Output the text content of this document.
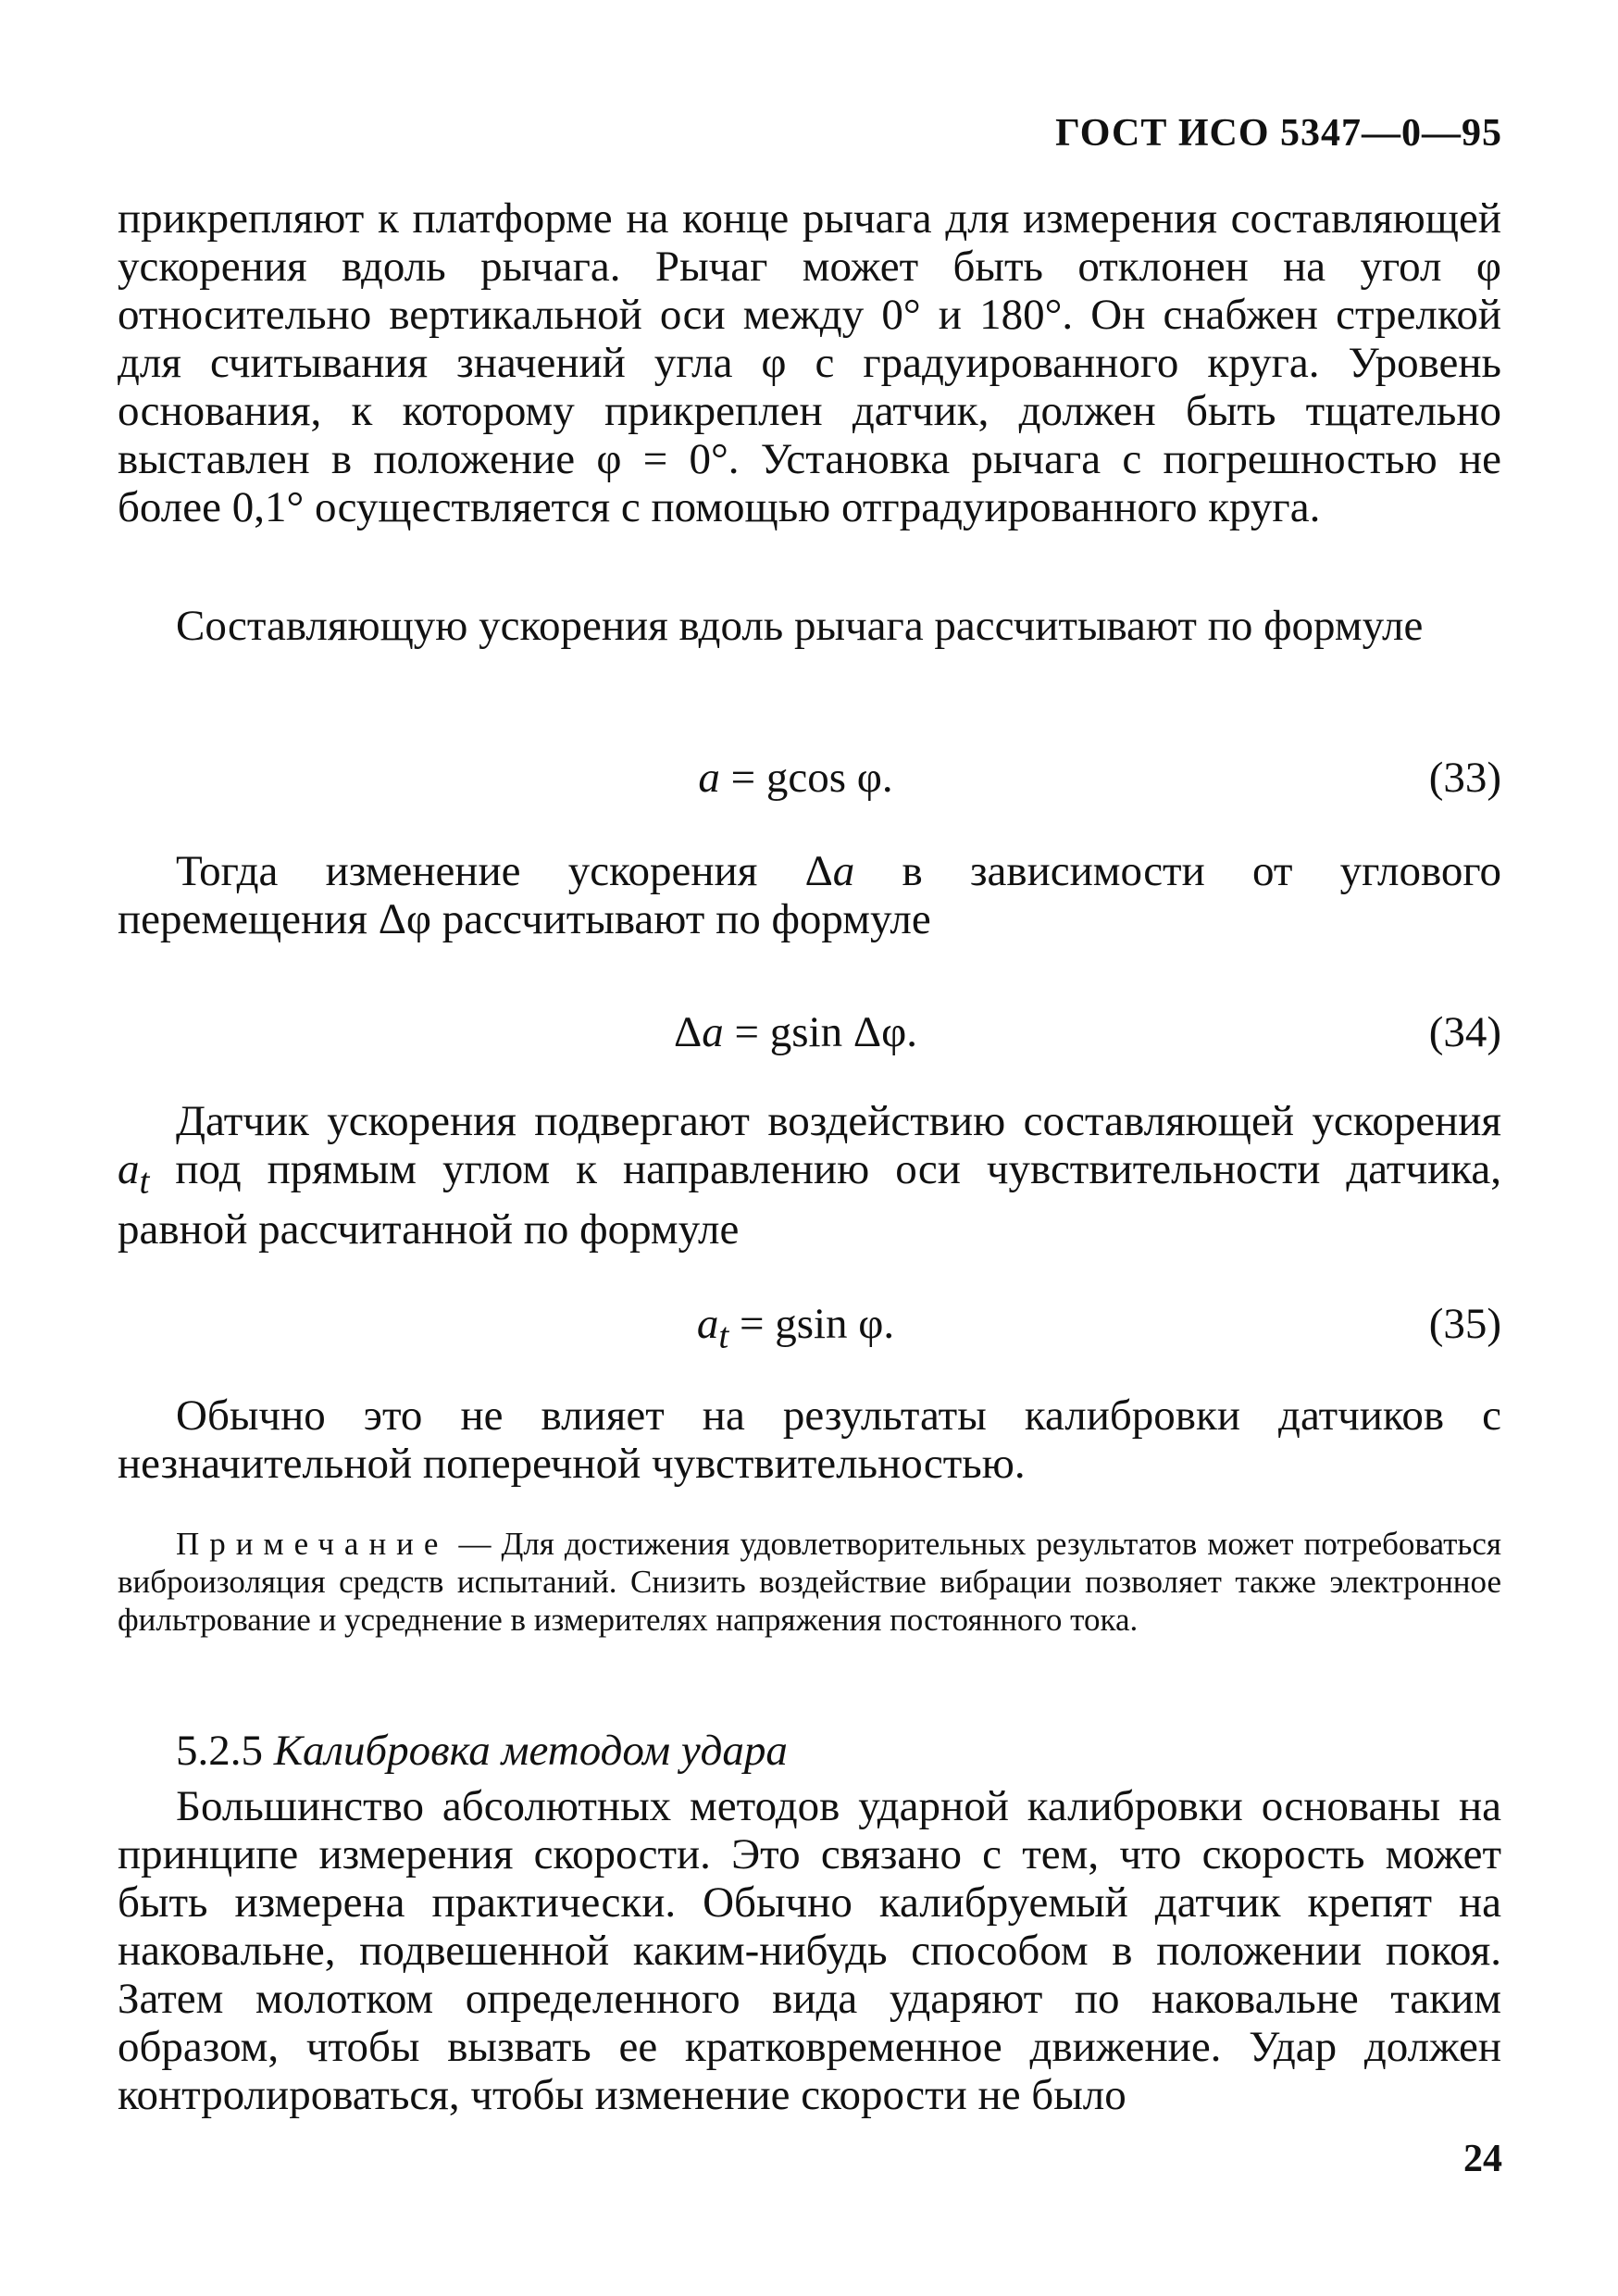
ГОСТ ИСО 5347—0—95

прикрепляют к платформе на конце рычага для измерения составляющей ускорения вдоль рычага. Рычаг может быть отклонен на угол φ относительно вертикальной оси между 0° и 180°. Он снабжен стрелкой для считывания значений угла φ с градуированного круга. Уровень основания, к которому прикреплен датчик, должен быть тщательно выставлен в положение φ = 0°. Установка рычага с погрешностью не более 0,1° осуществляется с помощью отградуированного круга.

Составляющую ускорения вдоль рычага рассчитывают по формуле

a = gcos φ.	(33)

Тогда изменение ускорения Δa в зависимости от углового перемещения Δφ рассчитывают по формуле

Δa = gsin Δφ.	(34)

Датчик ускорения подвергают воздействию составляющей ускорения $a_t$ под прямым углом к направлению оси чувствительности датчика, равной рассчитанной по формуле

$a_t = gsin$ φ.	(35)

Обычно это не влияет на результаты калибровки датчиков с незначительной поперечной чувствительностью.

Примечание — Для достижения удовлетворительных результатов может потребоваться виброизоляция средств испытаний. Снизить воздействие вибрации позволяет также электронное фильтрование и усреднение в измерителях напряжения постоянного тока.

5.2.5 Калибровка методом удара

Большинство абсолютных методов ударной калибровки основаны на принципе измерения скорости. Это связано с тем, что скорость может быть измерена практически. Обычно калибруемый датчик крепят на наковальне, подвешенной каким-нибудь способом в положении покоя. Затем молотком определенного вида ударяют по наковальне таким образом, чтобы вызвать ее кратковременное движение. Удар должен контролироваться, чтобы изменение скорости не было

24
